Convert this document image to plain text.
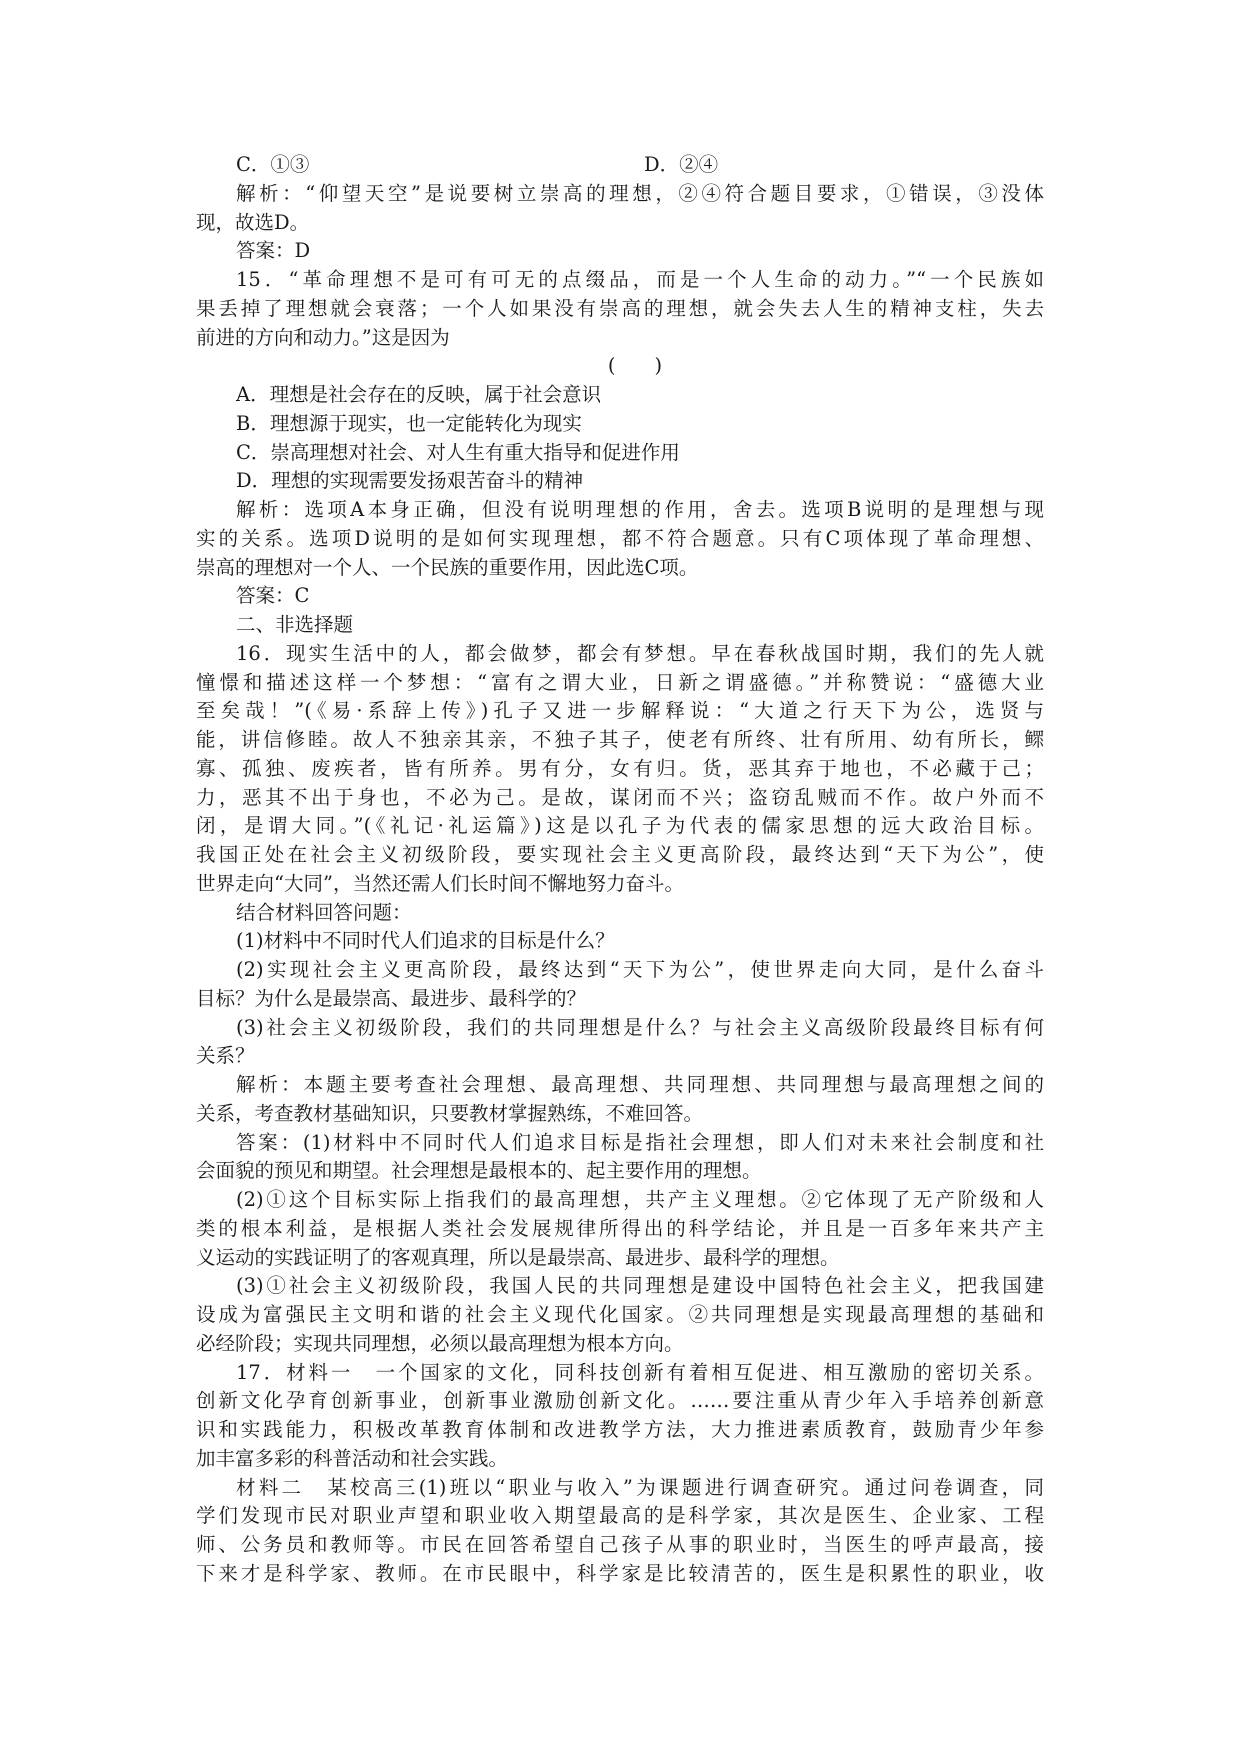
C．①③	D．②④
解析：“仰望天空”是说要树立崇高的理想，②④符合题目要求，①错误，③没体
现，故选D。
答案：D
15．“革命理想不是可有可无的点缀品，而是一个人生命的动力。”“一个民族如
果丢掉了理想就会衰落；一个人如果没有崇高的理想，就会失去人生的精神支柱，失去
前进的方向和动力。”这是因为
(　　)
A．理想是社会存在的反映，属于社会意识
B．理想源于现实，也一定能转化为现实
C．崇高理想对社会、对人生有重大指导和促进作用
D．理想的实现需要发扬艰苦奋斗的精神
解析：选项A本身正确，但没有说明理想的作用，舍去。选项B说明的是理想与现
实的关系。选项D说明的是如何实现理想，都不符合题意。只有C项体现了革命理想、
崇高的理想对一个人、一个民族的重要作用，因此选C项。
答案：C
二、非选择题
16．现实生活中的人，都会做梦，都会有梦想。早在春秋战国时期，我们的先人就
憧憬和描述这样一个梦想：“富有之谓大业，日新之谓盛德。”并称赞说：“盛德大业
至矣哉！”(《易·系辞上传》)孔子又进一步解释说：“大道之行天下为公，选贤与
能，讲信修睦。故人不独亲其亲，不独子其子，使老有所终、壮有所用、幼有所长，鳏
寡、孤独、废疾者，皆有所养。男有分，女有归。货，恶其弃于地也，不必藏于己；
力，恶其不出于身也，不必为己。是故，谋闭而不兴；盗窃乱贼而不作。故户外而不
闭，是谓大同。”(《礼记·礼运篇》)这是以孔子为代表的儒家思想的远大政治目标。
我国正处在社会主义初级阶段，要实现社会主义更高阶段，最终达到“天下为公”，使
世界走向“大同”，当然还需人们长时间不懈地努力奋斗。
结合材料回答问题：
(1)材料中不同时代人们追求的目标是什么？
(2)实现社会主义更高阶段，最终达到“天下为公”，使世界走向大同，是什么奋斗
目标？为什么是最崇高、最进步、最科学的？
(3)社会主义初级阶段，我们的共同理想是什么？与社会主义高级阶段最终目标有何
关系？
解析：本题主要考查社会理想、最高理想、共同理想、共同理想与最高理想之间的
关系，考查教材基础知识，只要教材掌握熟练，不难回答。
答案：(1)材料中不同时代人们追求目标是指社会理想，即人们对未来社会制度和社
会面貌的预见和期望。社会理想是最根本的、起主要作用的理想。
(2)①这个目标实际上指我们的最高理想，共产主义理想。②它体现了无产阶级和人
类的根本利益，是根据人类社会发展规律所得出的科学结论，并且是一百多年来共产主
义运动的实践证明了的客观真理，所以是最崇高、最进步、最科学的理想。
(3)①社会主义初级阶段，我国人民的共同理想是建设中国特色社会主义，把我国建
设成为富强民主文明和谐的社会主义现代化国家。②共同理想是实现最高理想的基础和
必经阶段；实现共同理想，必须以最高理想为根本方向。
17．材料一　一个国家的文化，同科技创新有着相互促进、相互激励的密切关系。
创新文化孕育创新事业，创新事业激励创新文化。……要注重从青少年入手培养创新意
识和实践能力，积极改革教育体制和改进教学方法，大力推进素质教育，鼓励青少年参
加丰富多彩的科普活动和社会实践。
材料二　某校高三(1)班以“职业与收入”为课题进行调查研究。通过问卷调查，同
学们发现市民对职业声望和职业收入期望最高的是科学家，其次是医生、企业家、工程
师、公务员和教师等。市民在回答希望自己孩子从事的职业时，当医生的呼声最高，接
下来才是科学家、教师。在市民眼中，科学家是比较清苦的，医生是积累性的职业，收
